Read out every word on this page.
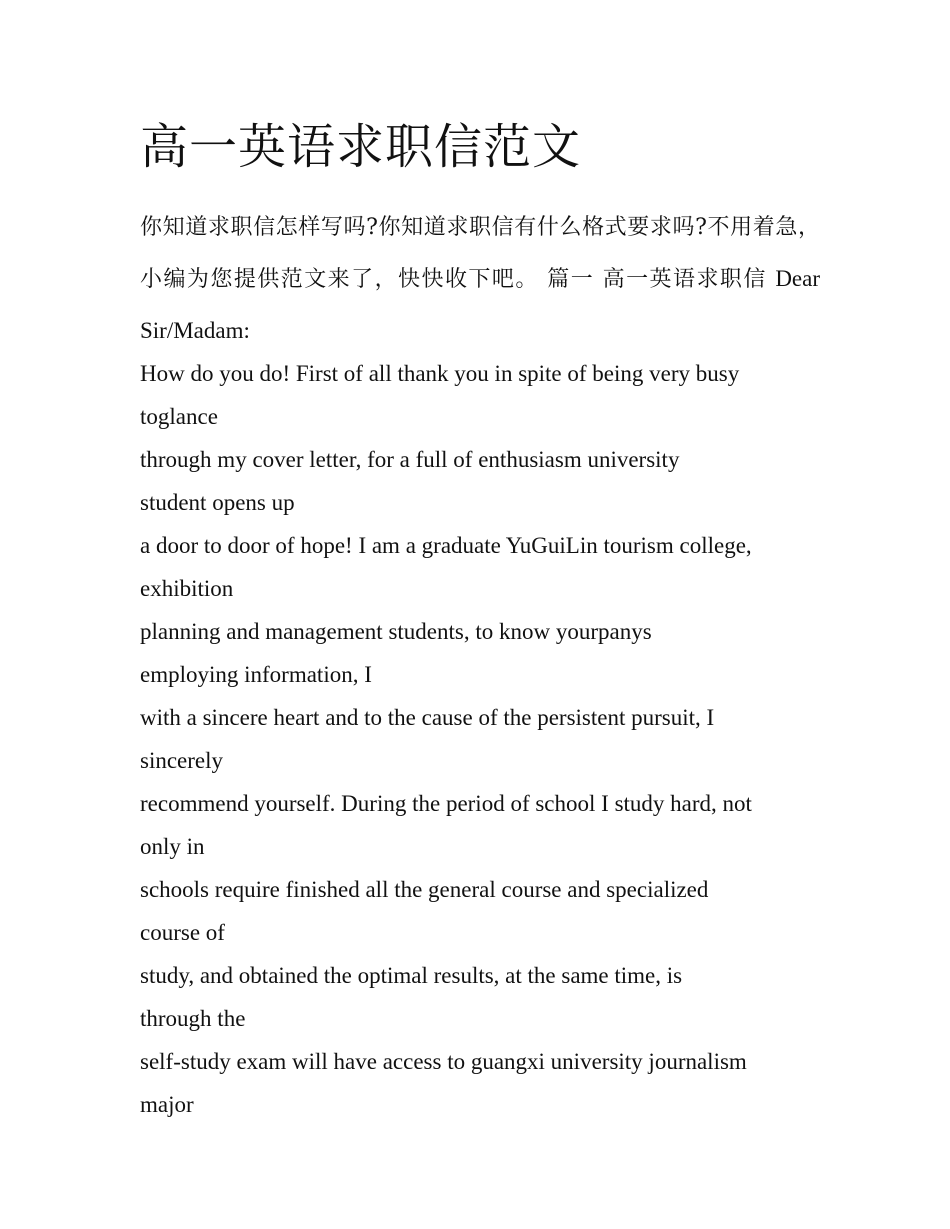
高一英语求职信范文

你知道求职信怎样写吗?你知道求职信有什么格式要求吗?不用着急，小编为您提供范文来了，快快收下吧。 篇一 高一英语求职信 Dear Sir/Madam:

How do you do! First of all thank you in spite of being very busy

toglance

through my cover letter, for a full of enthusiasm university

student opens up

a door to door of hope! I am a graduate YuGuiLin tourism college,

exhibition

planning and management students, to know yourpanys

employing information, I

with a sincere heart and to the cause of the persistent pursuit, I

sincerely

recommend yourself. During the period of school I study hard, not

only in

schools require finished all the general course and specialized

course of

study, and obtained the optimal results, at the same time, is

through the

self-study exam will have access to guangxi university journalism

major
